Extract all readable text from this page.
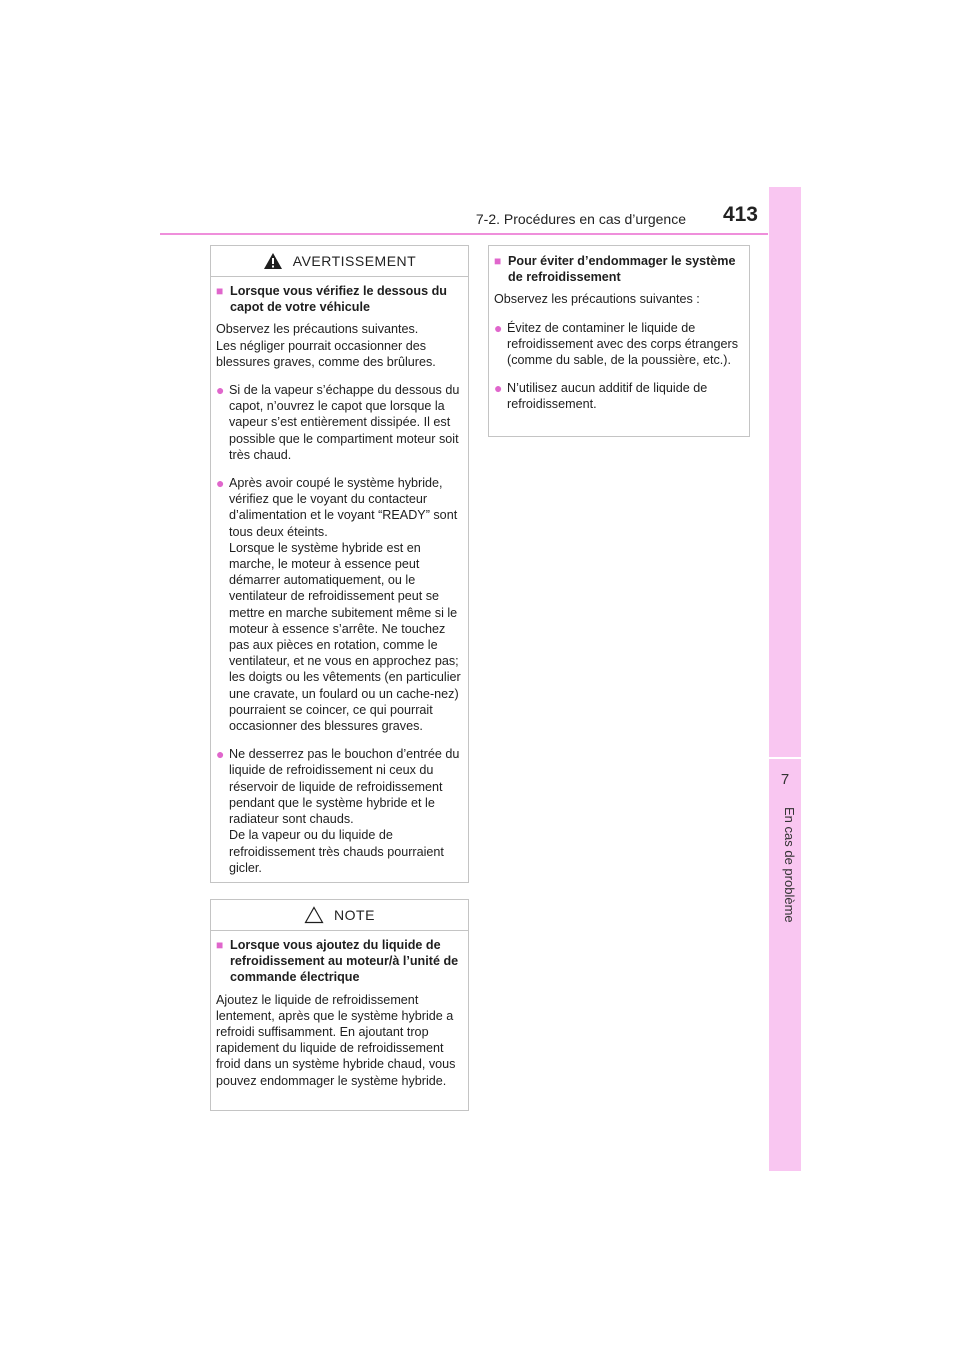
7-2. Procédures en cas d’urgence 413
7
En cas de problème
AVERTISSEMENT
■ Lorsque vous vérifiez le dessous du capot de votre véhicule
Observez les précautions suivantes.
Les négliger pourrait occasionner des blessures graves, comme des brûlures.
● Si de la vapeur s’échappe du dessous du capot, n’ouvrez le capot que lorsque la vapeur s’est entièrement dissipée. Il est possible que le compartiment moteur soit très chaud.
● Après avoir coupé le système hybride, vérifiez que le voyant du contacteur d’alimentation et le voyant “READY” sont tous deux éteints.
Lorsque le système hybride est en marche, le moteur à essence peut démarrer automatiquement, ou le ventilateur de refroidissement peut se mettre en marche subitement même si le moteur à essence s’arrête. Ne touchez pas aux pièces en rotation, comme le ventilateur, et ne vous en approchez pas; les doigts ou les vêtements (en particulier une cravate, un foulard ou un cache-nez) pourraient se coincer, ce qui pourrait occasionner des blessures graves.
● Ne desserrez pas le bouchon d’entrée du liquide de refroidissement ni ceux du réservoir de liquide de refroidissement pendant que le système hybride et le radiateur sont chauds.
De la vapeur ou du liquide de refroidissement très chauds pourraient gicler.
NOTE
■ Lorsque vous ajoutez du liquide de refroidissement au moteur/à l’unité de commande électrique
Ajoutez le liquide de refroidissement lentement, après que le système hybride a refroidi suffisamment. En ajoutant trop rapidement du liquide de refroidissement froid dans un système hybride chaud, vous pouvez endommager le système hybride.
■ Pour éviter d’endommager le système de refroidissement
Observez les précautions suivantes :
● Évitez de contaminer le liquide de refroidissement avec des corps étrangers (comme du sable, de la poussière, etc.).
● N’utilisez aucun additif de liquide de refroidissement.
